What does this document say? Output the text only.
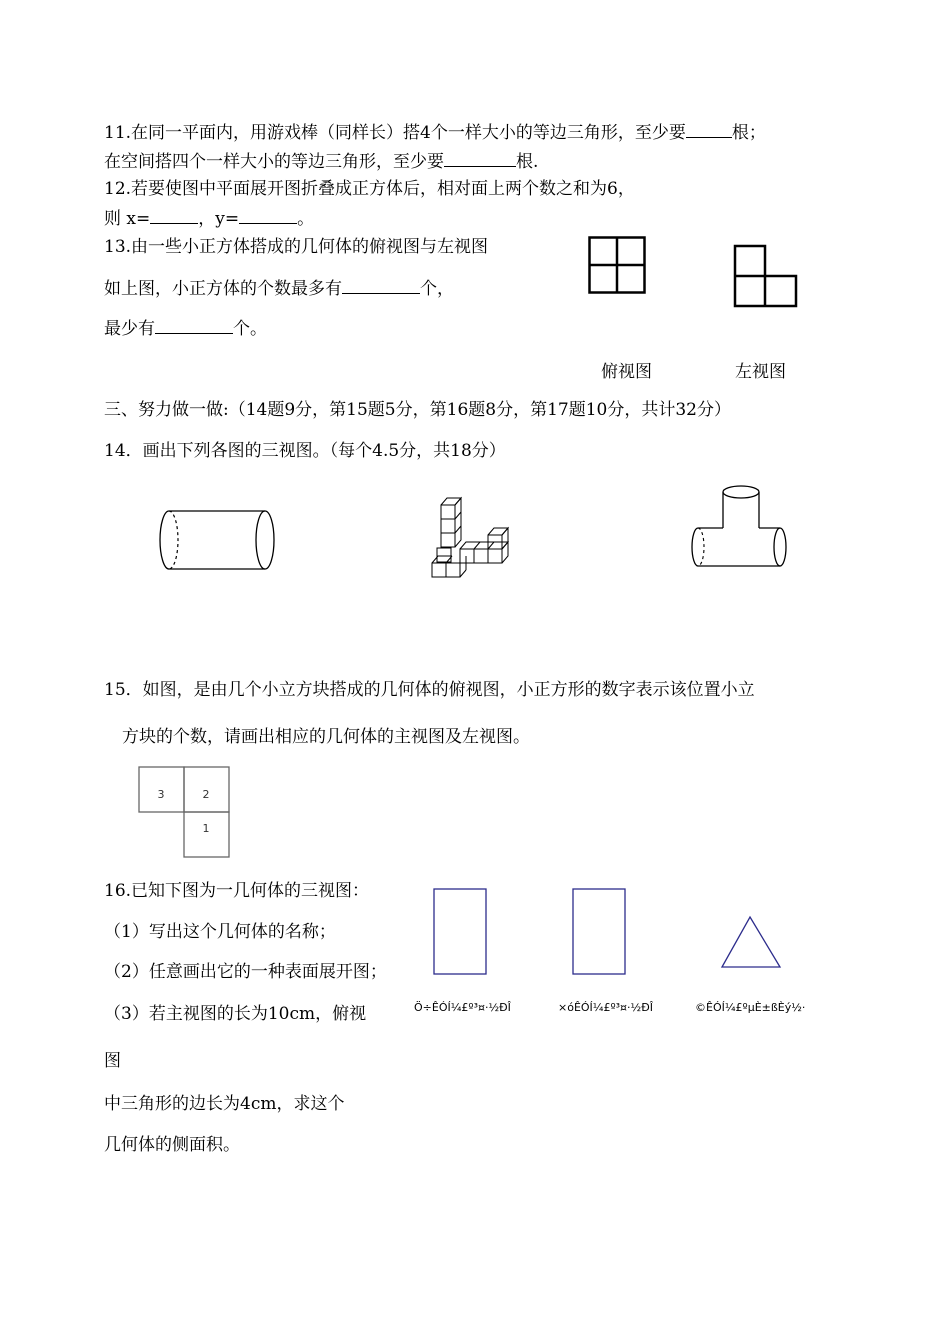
11.在同一平面内，用游戏棒（同样长）搭4个一样大小的等边三角形，至少要	根；
在空间搭四个一样大小的等边三角形，至少要	根.
12.若要使图中平面展开图折叠成正方体后，相对面上两个数之和为6，
则 x=	，y=	。
13.由一些小正方体搭成的几何体的俯视图与左视图
如上图，小正方体的个数最多有	个，
最少有	个。
俯视图	左视图
三、努力做一做:（14题9分，第15题5分，第16题8分，第17题10分，共计32分）
14．画出下列各图的三视图。（每个4.5分，共18分）
15．如图，是由几个小立方块搭成的几何体的俯视图，小正方形的数字表示该位置小立
方块的个数，请画出相应的几何体的主视图及左视图。
3	2
1
16.已知下图为一几何体的三视图：
（1）写出这个几何体的名称；
（2）任意画出它的一种表面展开图；
（3）若主视图的长为10cm，俯视
图
中三角形的边长为4cm，求这个
几何体的侧面积。
Ö÷ÊÓÍ¼£º³¤·½ÐÎ	×óÊÓÍ¼£º³¤·½ÐÎ	©ÊÓÍ¼£ºµÈ±ßÈý½·
